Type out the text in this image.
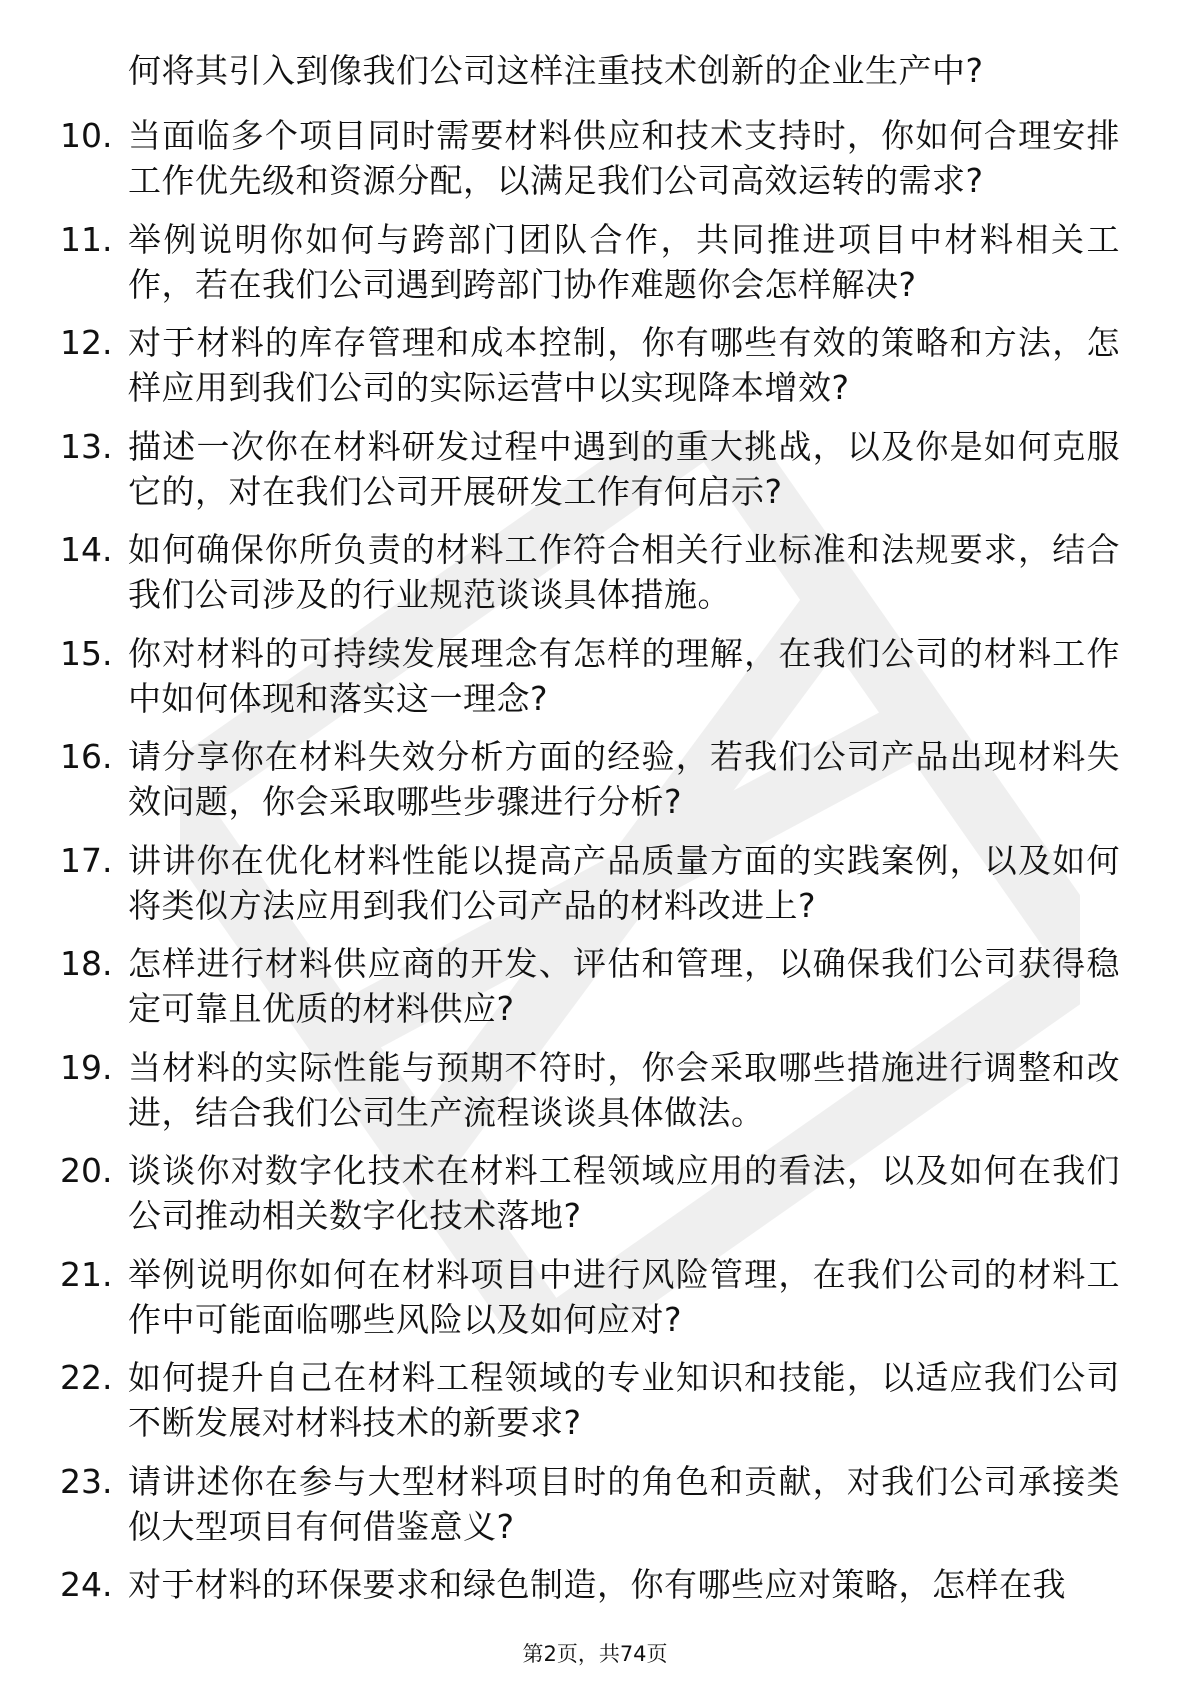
何将其引入到像我们公司这样注重技术创新的企业生产中?
10. 当面临多个项目同时需要材料供应和技术支持时，你如何合理安排工作优先级和资源分配，以满足我们公司高效运转的需求?
11. 举例说明你如何与跨部门团队合作，共同推进项目中材料相关工作，若在我们公司遇到跨部门协作难题你会怎样解决?
12. 对于材料的库存管理和成本控制，你有哪些有效的策略和方法，怎样应用到我们公司的实际运营中以实现降本增效?
13. 描述一次你在材料研发过程中遇到的重大挑战，以及你是如何克服它的，对在我们公司开展研发工作有何启示?
14. 如何确保你所负责的材料工作符合相关行业标准和法规要求，结合我们公司涉及的行业规范谈谈具体措施。
15. 你对材料的可持续发展理念有怎样的理解，在我们公司的材料工作中如何体现和落实这一理念?
16. 请分享你在材料失效分析方面的经验，若我们公司产品出现材料失效问题，你会采取哪些步骤进行分析?
17. 讲讲你在优化材料性能以提高产品质量方面的实践案例，以及如何将类似方法应用到我们公司产品的材料改进上?
18. 怎样进行材料供应商的开发、评估和管理，以确保我们公司获得稳定可靠且优质的材料供应?
19. 当材料的实际性能与预期不符时，你会采取哪些措施进行调整和改进，结合我们公司生产流程谈谈具体做法。
20. 谈谈你对数字化技术在材料工程领域应用的看法，以及如何在我们公司推动相关数字化技术落地?
21. 举例说明你如何在材料项目中进行风险管理，在我们公司的材料工作中可能面临哪些风险以及如何应对?
22. 如何提升自己在材料工程领域的专业知识和技能，以适应我们公司不断发展对材料技术的新要求?
23. 请讲述你在参与大型材料项目时的角色和贡献，对我们公司承接类似大型项目有何借鉴意义?
24. 对于材料的环保要求和绿色制造，你有哪些应对策略，怎样在我
第2页，共74页
